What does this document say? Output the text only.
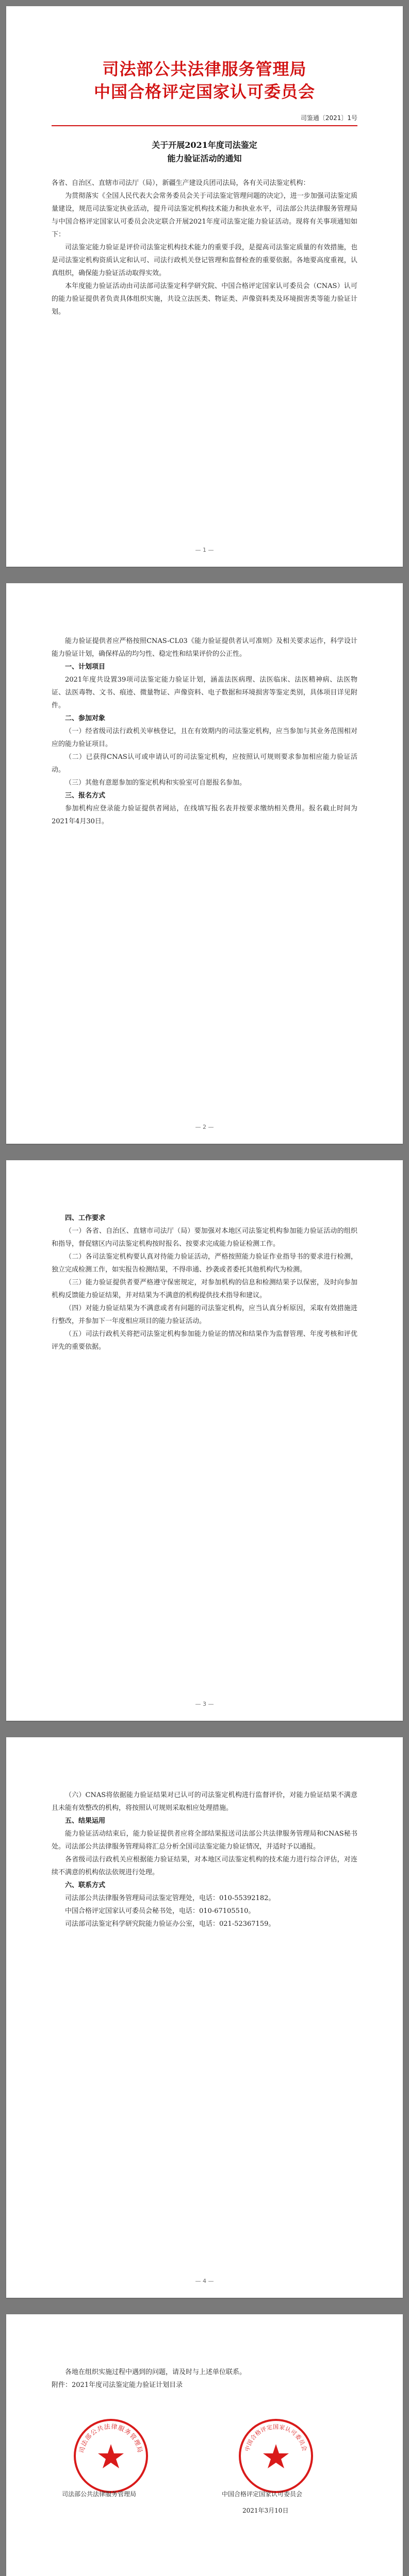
司法部公共法律服务管理局
中国合格评定国家认可委员会
司鉴通〔2021〕1号
关于开展2021年度司法鉴定
能力验证活动的通知

各省、自治区、直辖市司法厅（局），新疆生产建设兵团司法局，各有关司法鉴定机构：

为贯彻落实《全国人民代表大会常务委员会关于司法鉴定管理问题的决定》，进一步加强司法鉴定质量建设，规范司法鉴定执业活动，提升司法鉴定机构技术能力和执业水平，司法部公共法律服务管理局与中国合格评定国家认可委员会决定联合开展2021年度司法鉴定能力验证活动。现将有关事项通知如下：

司法鉴定能力验证是评价司法鉴定机构技术能力的重要手段，是提高司法鉴定质量的有效措施，也是司法鉴定机构资质认定和认可、司法行政机关登记管理和监督检查的重要依据。各地要高度重视，认真组织，确保能力验证活动取得实效。

本年度能力验证活动由司法部司法鉴定科学研究院、中国合格评定国家认可委员会（CNAS）认可的能力验证提供者负责具体组织实施，共设立法医类、物证类、声像资料类及环境损害类等能力验证计划。

— 1 —

能力验证提供者应严格按照CNAS-CL03《能力验证提供者认可准则》及相关要求运作，科学设计能力验证计划，确保样品的均匀性、稳定性和结果评价的公正性。

一、计划项目

2021年度共设置39项司法鉴定能力验证计划，涵盖法医病理、法医临床、法医精神病、法医物证、法医毒物、文书、痕迹、微量物证、声像资料、电子数据和环境损害等鉴定类别，具体项目详见附件。

二、参加对象

（一）经省级司法行政机关审核登记，且在有效期内的司法鉴定机构，应当参加与其业务范围相对应的能力验证项目。

（二）已获得CNAS认可或申请认可的司法鉴定机构，应按照认可规则要求参加相应能力验证活动。

（三）其他有意愿参加的鉴定机构和实验室可自愿报名参加。

三、报名方式

参加机构应登录能力验证提供者网站，在线填写报名表并按要求缴纳相关费用。报名截止时间为2021年4月30日。

— 2 —
四、工作要求

（一）各省、自治区、直辖市司法厅（局）要加强对本地区司法鉴定机构参加能力验证活动的组织和指导，督促辖区内司法鉴定机构按时报名、按要求完成能力验证检测工作。

（二）各司法鉴定机构要认真对待能力验证活动，严格按照能力验证作业指导书的要求进行检测，独立完成检测工作，如实报告检测结果，不得串通、抄袭或者委托其他机构代为检测。

（三）能力验证提供者要严格遵守保密规定，对参加机构的信息和检测结果予以保密，及时向参加机构反馈能力验证结果，并对结果为不满意的机构提供技术指导和建议。

（四）对能力验证结果为不满意或者有问题的司法鉴定机构，应当认真分析原因，采取有效措施进行整改，并参加下一年度相应项目的能力验证活动。

（五）司法行政机关将把司法鉴定机构参加能力验证的情况和结果作为监督管理、年度考核和评优评先的重要依据。

— 3 —

（六）CNAS将依据能力验证结果对已认可的司法鉴定机构进行监督评价，对能力验证结果不满意且未能有效整改的机构，将按照认可规则采取相应处理措施。

五、结果运用

能力验证活动结束后，能力验证提供者应将全部结果报送司法部公共法律服务管理局和CNAS秘书处。司法部公共法律服务管理局将汇总分析全国司法鉴定能力验证情况，并适时予以通报。

各省级司法行政机关应根据能力验证结果，对本地区司法鉴定机构的技术能力进行综合评估，对连续不满意的机构依法依规进行处理。

六、联系方式

司法部公共法律服务管理局司法鉴定管理处，电话：010-55392182。

中国合格评定国家认可委员会秘书处，电话：010-67105510。

司法部司法鉴定科学研究院能力验证办公室，电话：021-52367159。

— 4 —

各地在组织实施过程中遇到的问题，请及时与上述单位联系。

附件：2021年度司法鉴定能力验证计划目录

司法部公共法律服务管理局	中国合格评定国家认可委员会
司法部公共法律服务管理局	中国合格评定国家认可委员会
2021年3月10日
